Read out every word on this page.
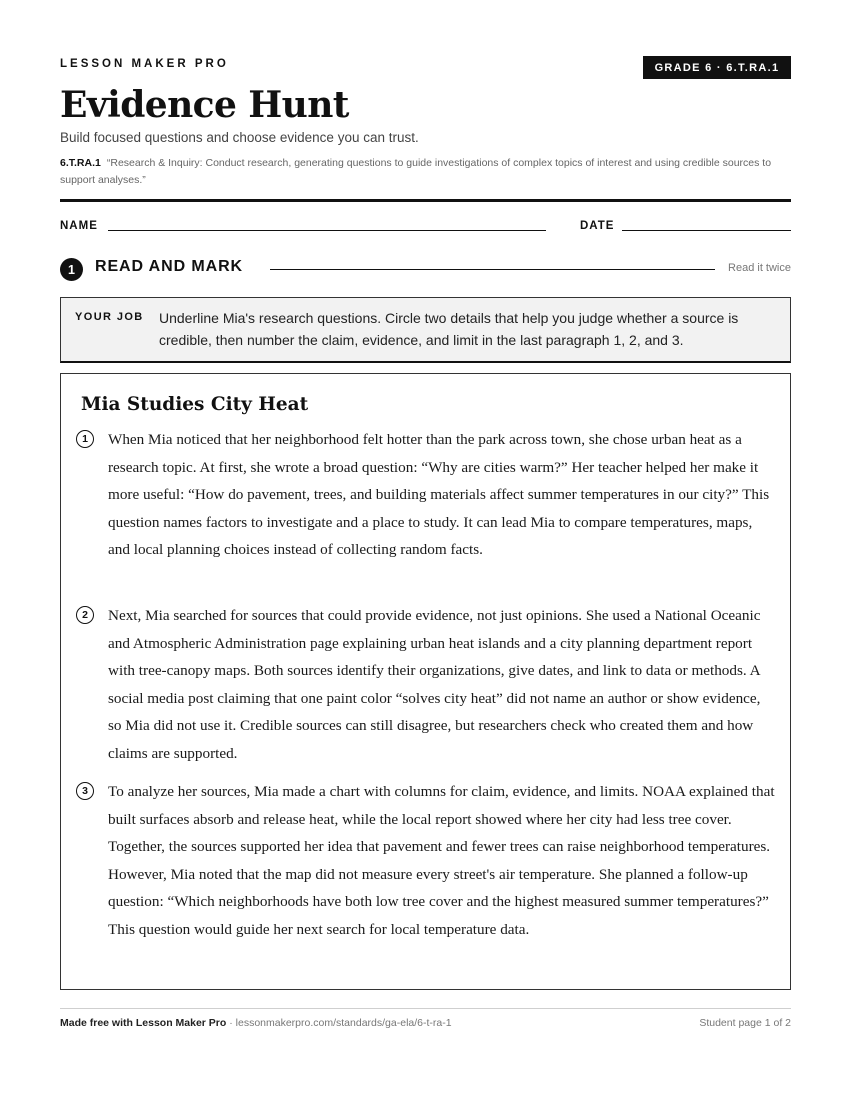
LESSON MAKER PRO	GRADE 6 · 6.T.RA.1
Evidence Hunt
Build focused questions and choose evidence you can trust.
6.T.RA.1 “Research & Inquiry: Conduct research, generating questions to guide investigations of complex topics of interest and using credible sources to support analyses.”
NAME	DATE
1	READ AND MARK	Read it twice
YOUR JOB Underline Mia's research questions. Circle two details that help you judge whether a source is credible, then number the claim, evidence, and limit in the last paragraph 1, 2, and 3.
Mia Studies City Heat
1	When Mia noticed that her neighborhood felt hotter than the park across town, she chose urban heat as a research topic. At first, she wrote a broad question: “Why are cities warm?” Her teacher helped her make it more useful: “How do pavement, trees, and building materials affect summer temperatures in our city?” This question names factors to investigate and a place to study. It can lead Mia to compare temperatures, maps, and local planning choices instead of collecting random facts.
2	Next, Mia searched for sources that could provide evidence, not just opinions. She used a National Oceanic and Atmospheric Administration page explaining urban heat islands and a city planning department report with tree-canopy maps. Both sources identify their organizations, give dates, and link to data or methods. A social media post claiming that one paint color “solves city heat” did not name an author or show evidence, so Mia did not use it. Credible sources can still disagree, but researchers check who created them and how claims are supported.
3	To analyze her sources, Mia made a chart with columns for claim, evidence, and limits. NOAA explained that built surfaces absorb and release heat, while the local report showed where her city had less tree cover. Together, the sources supported her idea that pavement and fewer trees can raise neighborhood temperatures. However, Mia noted that the map did not measure every street's air temperature. She planned a follow-up question: “Which neighborhoods have both low tree cover and the highest measured summer temperatures?” This question would guide her next search for local temperature data.
Made free with Lesson Maker Pro · lessonmakerpro.com/standards/ga-ela/6-t-ra-1	Student page 1 of 2
